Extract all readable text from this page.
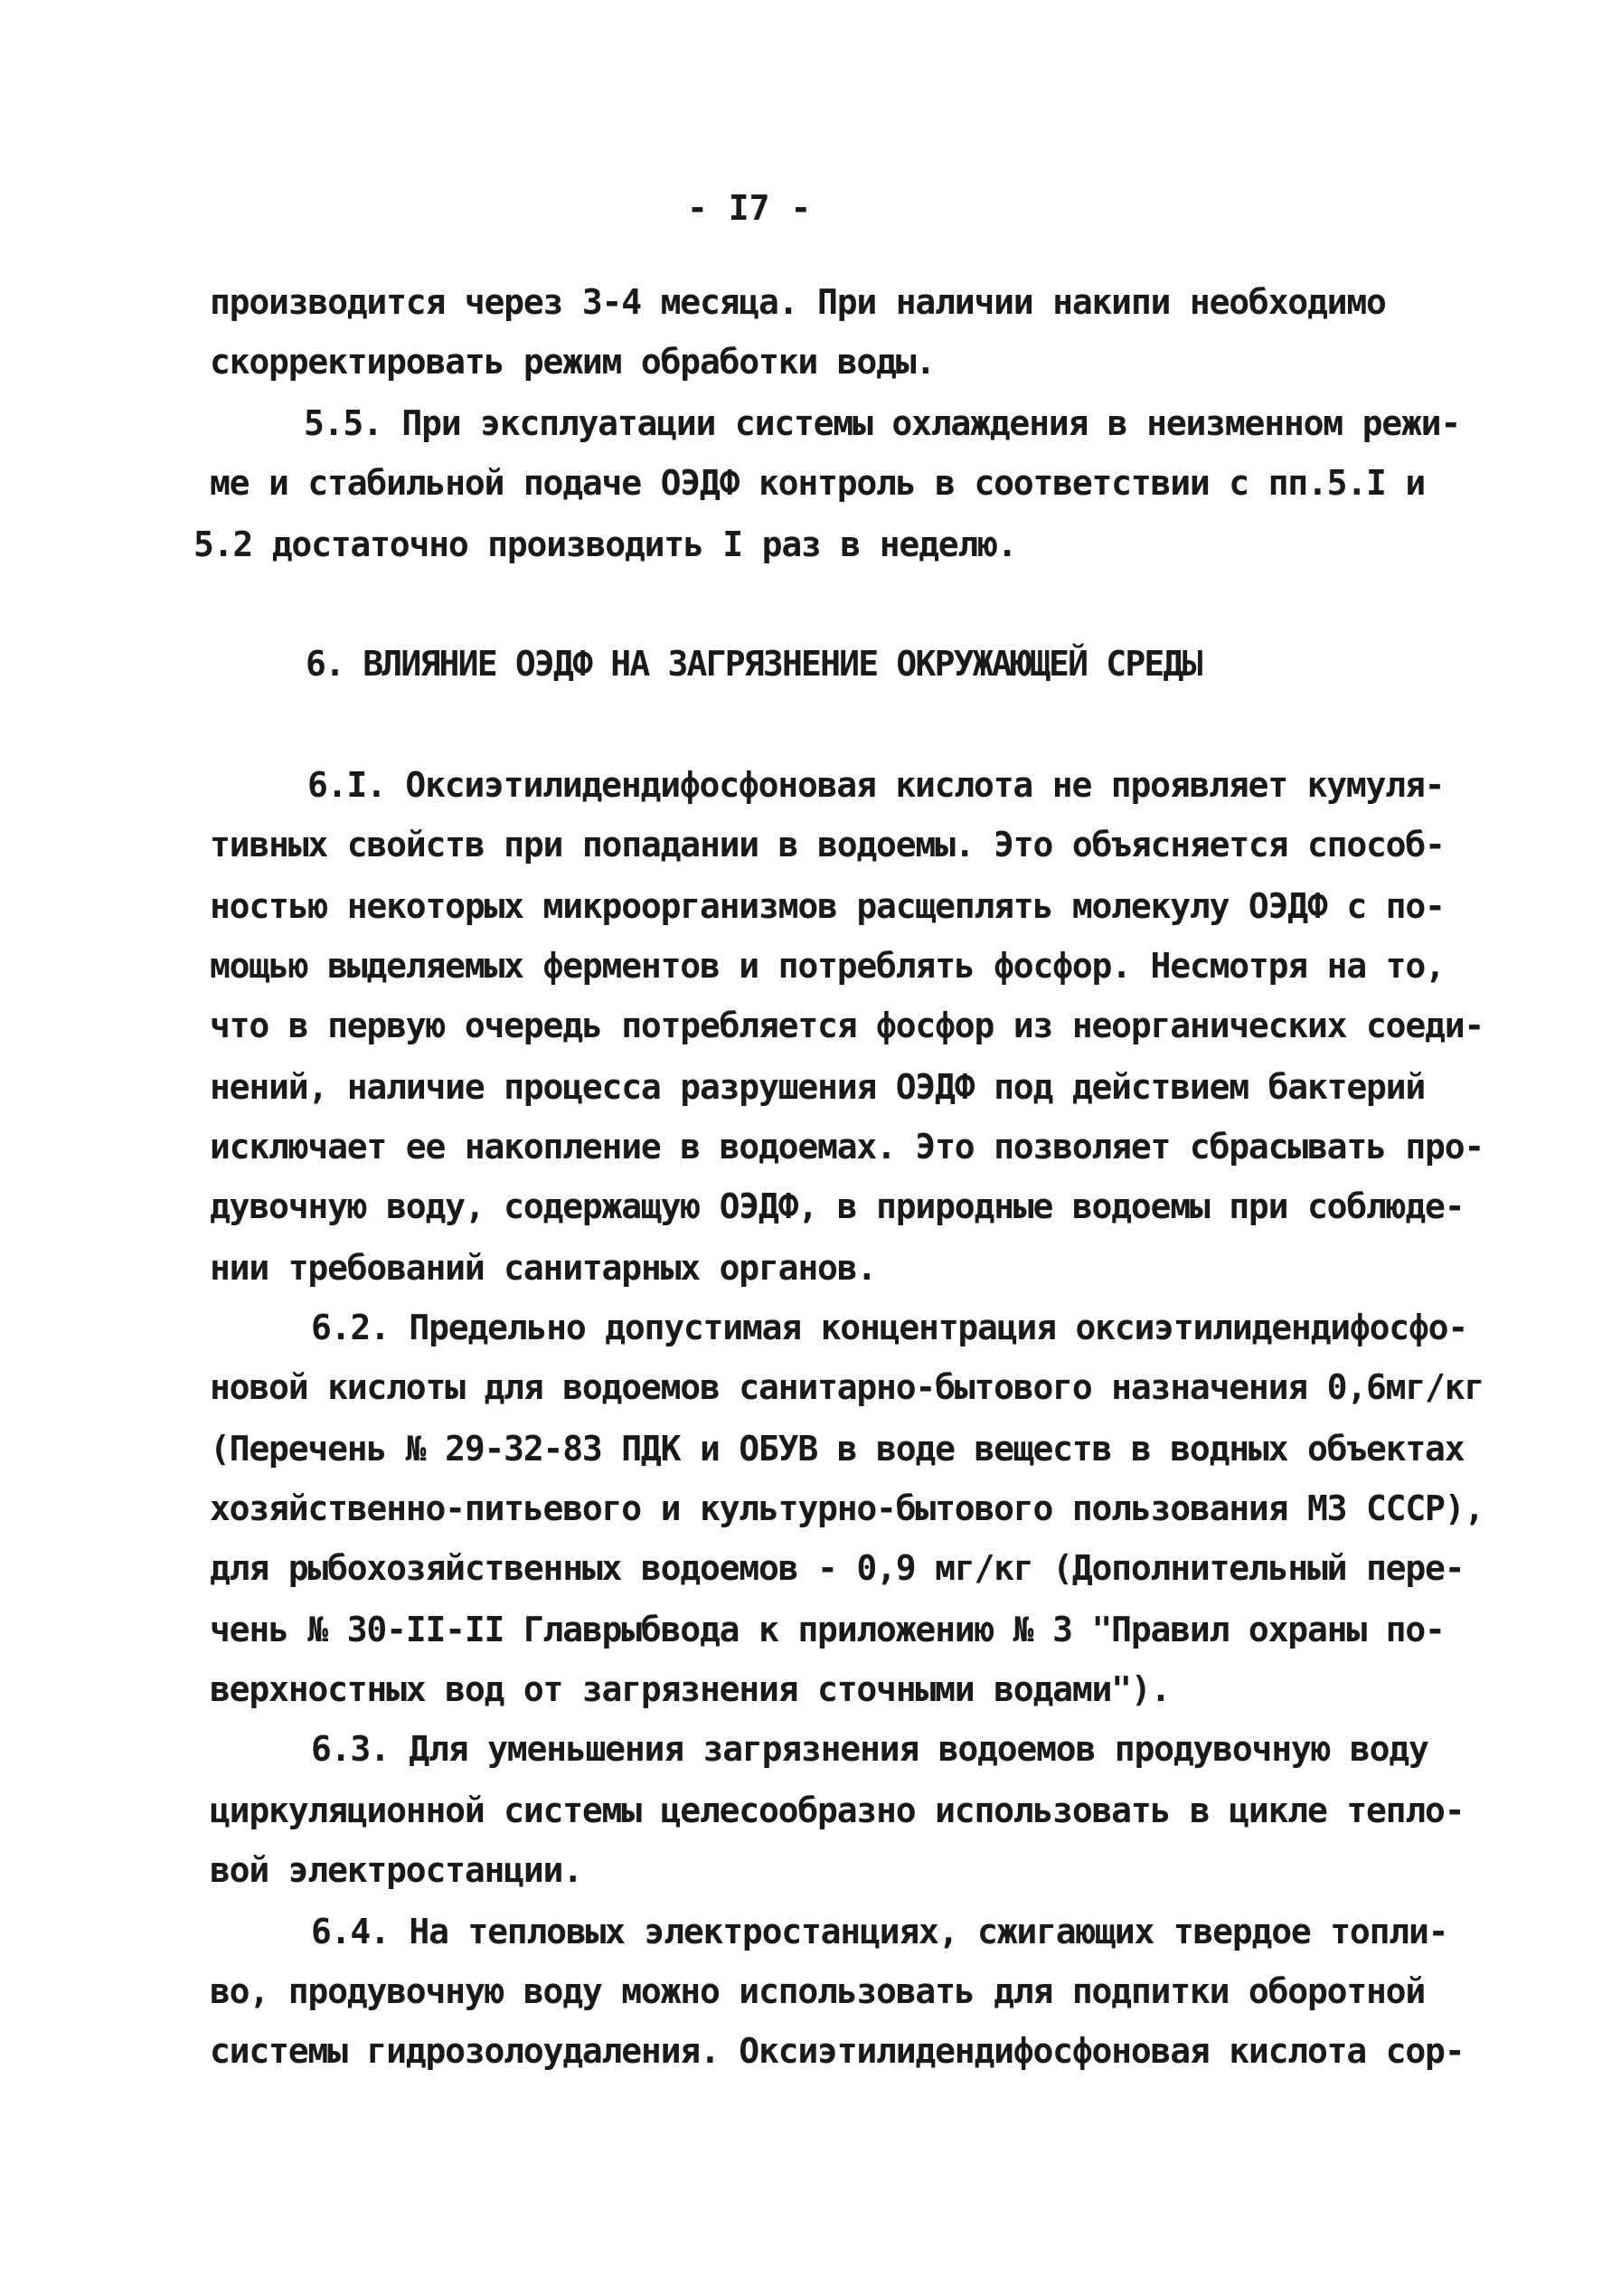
- I7 -
производится через 3-4 месяца. При наличии накипи необходимо
скорректировать режим обработки воды.
5.5. При эксплуатации системы охлаждения в неизменном режи-
ме и стабильной подаче ОЭДФ контроль в соответствии с пп.5.I и
5.2 достаточно производить I раз в неделю.
6. ВЛИЯНИЕ ОЭДФ НА ЗАГРЯЗНЕНИЕ ОКРУЖАЮЩЕЙ СРЕДЫ
6.I. Оксиэтилидендифосфоновая кислота не проявляет кумуля-
тивных свойств при попадании в водоемы. Это объясняется способ-
ностью некоторых микроорганизмов расщеплять молекулу ОЭДФ с по-
мощью выделяемых ферментов и потреблять фосфор. Несмотря на то,
что в первую очередь потребляется фосфор из неорганических соеди-
нений, наличие процесса разрушения ОЭДФ под действием бактерий
исключает ее накопление в водоемах. Это позволяет сбрасывать про-
дувочную воду, содержащую ОЭДФ, в природные водоемы при соблюде-
нии требований санитарных органов.
6.2. Предельно допустимая концентрация оксиэтилидендифосфо-
новой кислоты для водоемов санитарно-бытового назначения 0,6мг/кг
(Перечень № 29-32-83 ПДК и ОБУВ в воде веществ в водных объектах
хозяйственно-питьевого и культурно-бытового пользования МЗ СССР),
для рыбохозяйственных водоемов - 0,9 мг/кг (Дополнительный пере-
чень № 30-II-II Главрыбвода к приложению № 3 "Правил охраны по-
верхностных вод от загрязнения сточными водами").
6.3. Для уменьшения загрязнения водоемов продувочную воду
циркуляционной системы целесообразно использовать в цикле тепло-
вой электростанции.
6.4. На тепловых электростанциях, сжигающих твердое топли-
во, продувочную воду можно использовать для подпитки оборотной
системы гидрозолоудаления. Оксиэтилидендифосфоновая кислота сор-
